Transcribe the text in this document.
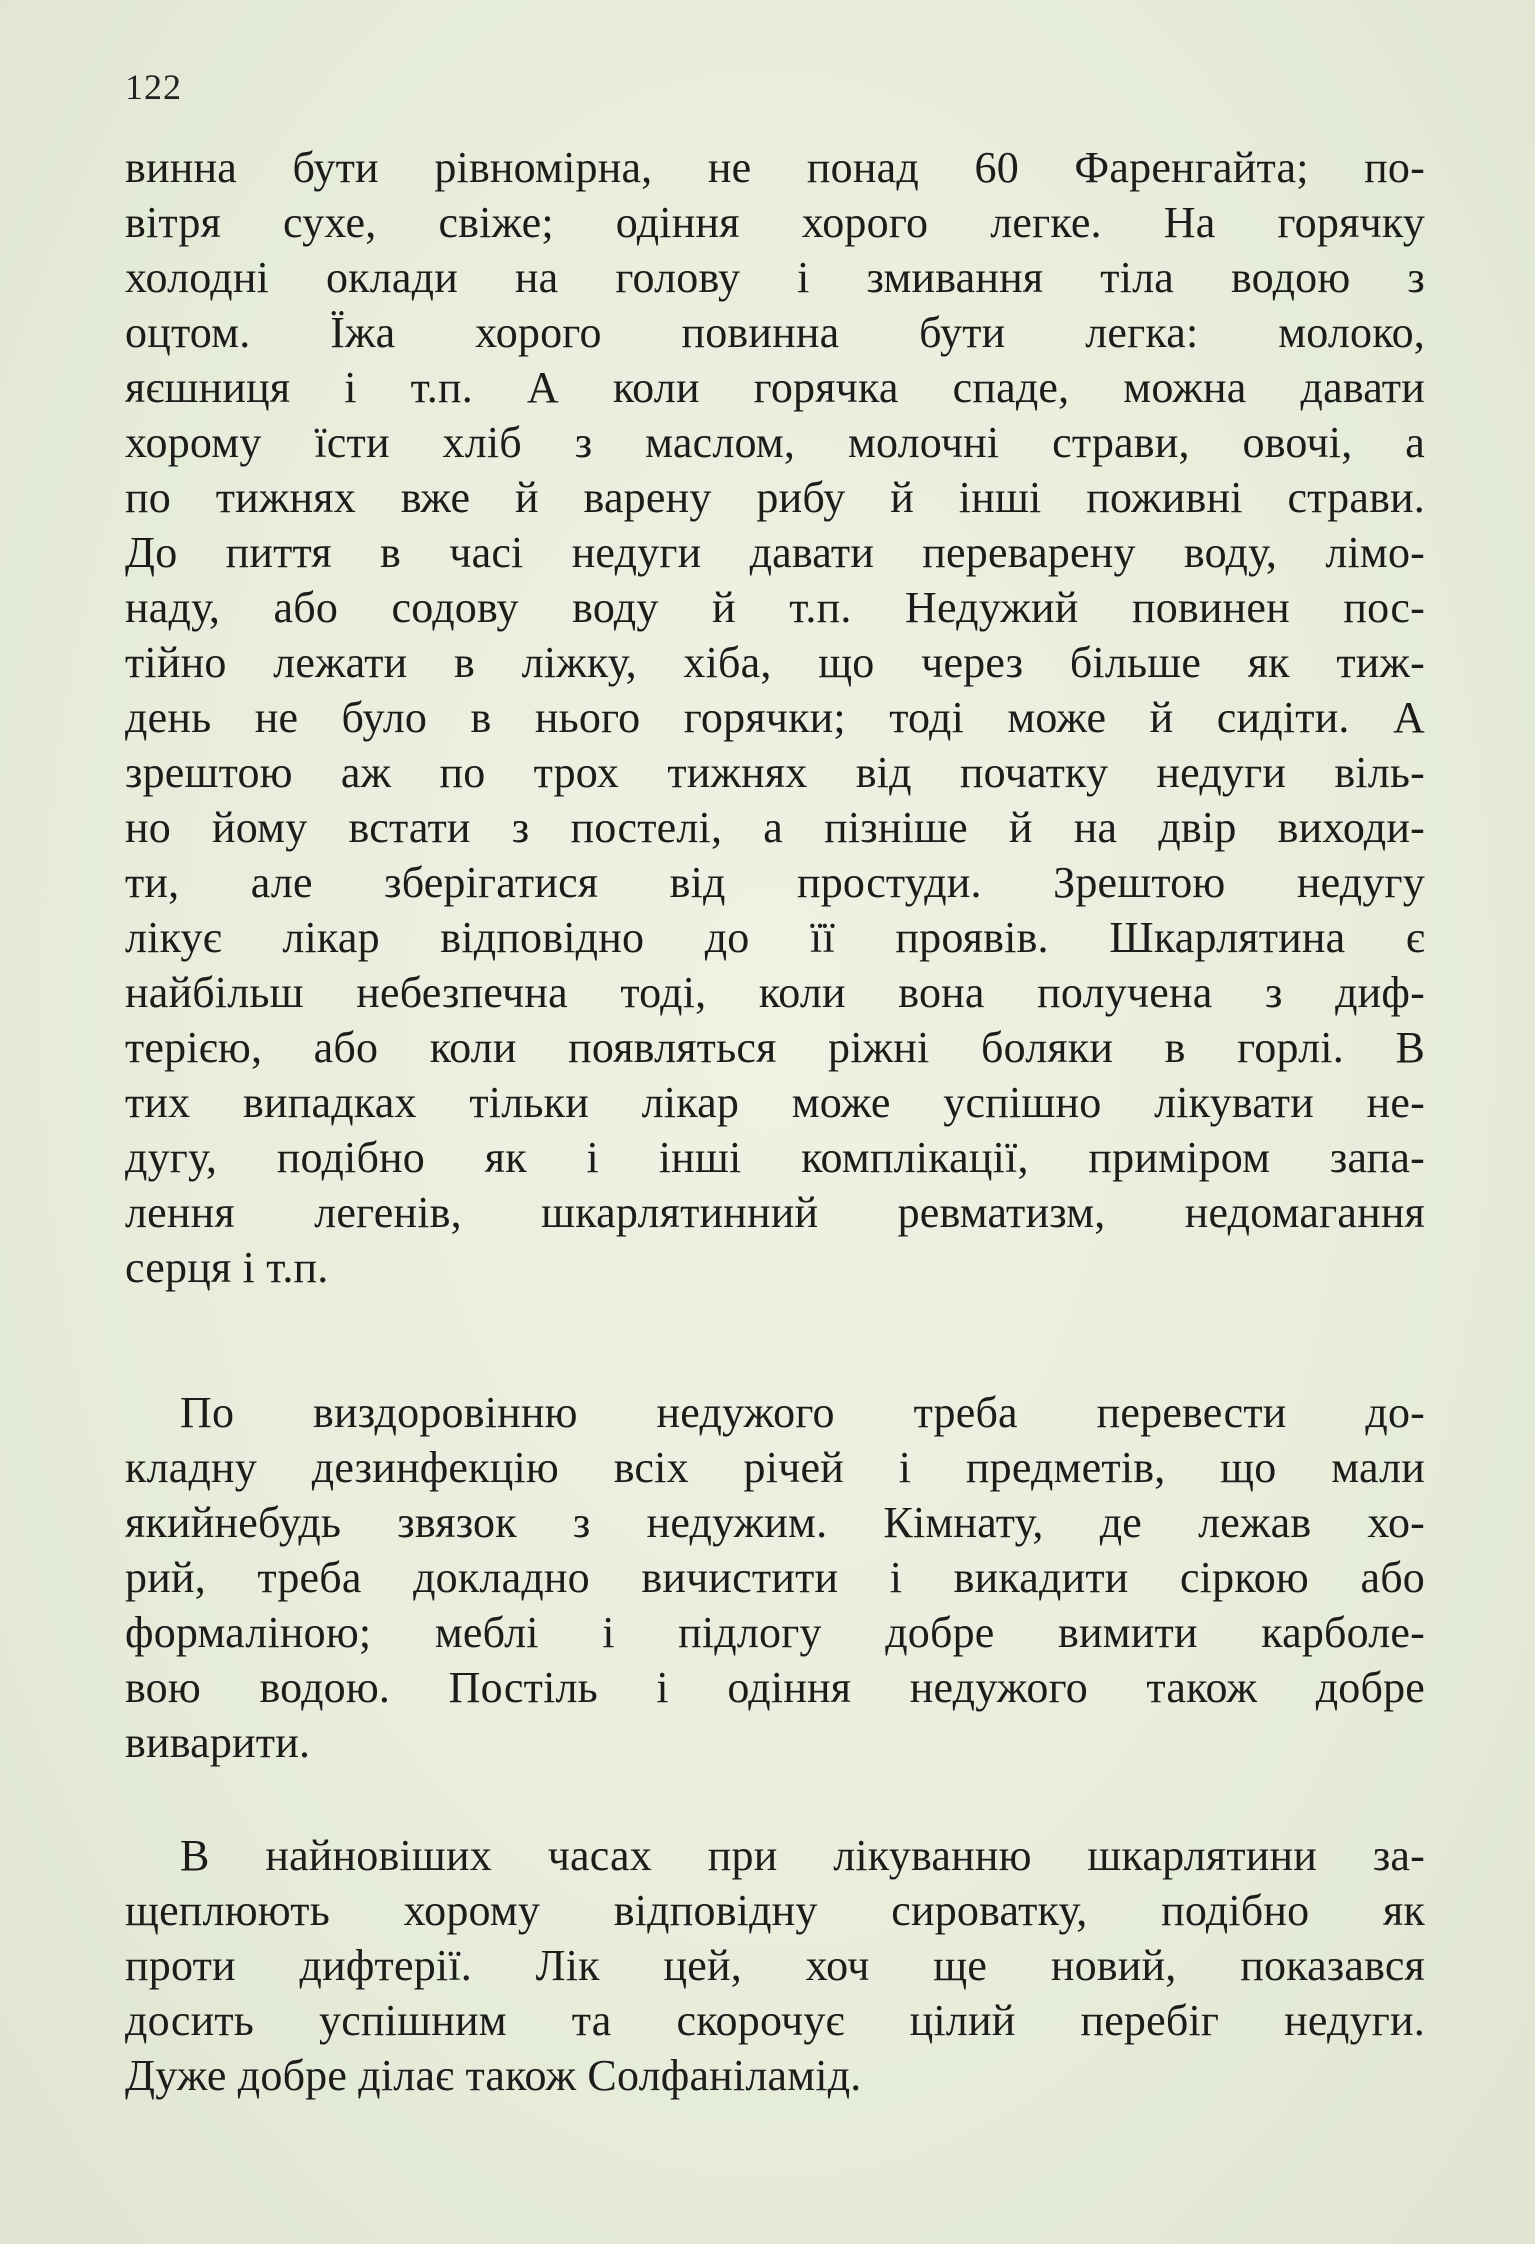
122
винна бути рівномірна, не понад 60 Фаренгайта; по-
вітря сухе, свіже; одіння хорого легке. На горячку
холодні оклади на голову і змивання тіла водою з
оцтом. Їжа хорого повинна бути легка: молоко,
яєшниця і т.п. А коли горячка спаде, можна давати
хорому їсти хліб з маслом, молочні страви, овочі, а
по тижнях вже й варену рибу й інші поживні страви.
До пиття в часі недуги давати переварену воду, лімо-
наду, або содову воду й т.п. Недужий повинен пос-
тійно лежати в ліжку, хіба, що через більше як тиж-
день не було в нього горячки; тоді може й сидіти. А
зрештою аж по трох тижнях від початку недуги віль-
но йому встати з постелі, а пізніше й на двір виходи-
ти, але зберігатися від простуди. Зрештою недугу
лікує лікар відповідно до її проявів. Шкарлятина є
найбільш небезпечна тоді, коли вона получена з диф-
терією, або коли появляться ріжні боляки в горлі. В
тих випадках тільки лікар може успішно лікувати не-
дугу, подібно як і інші комплікації, приміром запа-
лення легенів, шкарлятинний ревматизм, недомагання
серця і т.п.
По виздоровінню недужого треба перевести до-
кладну дезинфекцію всіх річей і предметів, що мали
якийнебудь звязок з недужим. Кімнату, де лежав хо-
рий, треба докладно вичистити і викадити сіркою або
формаліною; меблі і підлогу добре вимити карболе-
вою водою. Постіль і одіння недужого також добре
виварити.
В найновіших часах при лікуванню шкарлятини за-
щеплюють хорому відповідну сироватку, подібно як
проти дифтерії. Лік цей, хоч ще новий, показався
досить успішним та скорочує цілий перебіг недуги.
Дуже добре ділає також Солфаніламід.
